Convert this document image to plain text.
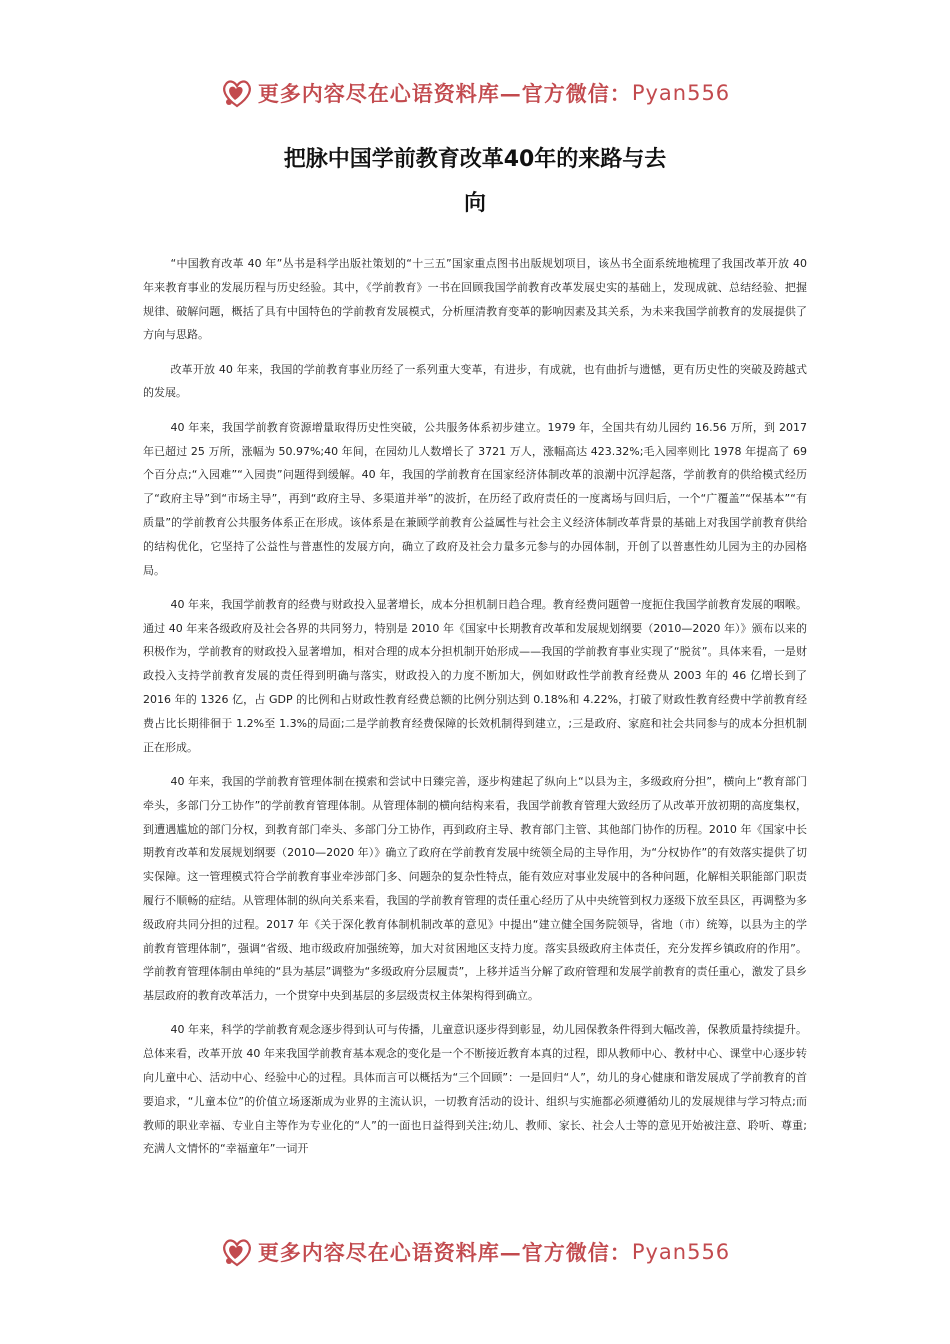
更多内容尽在心语资料库—官方微信： Pyan556
把脉中国学前教育改革40年的来路与去
向

“中国教育改革 40 年”丛书是科学出版社策划的“十三五”国家重点图书出版规划项目，该丛书全面系统地梳理了我国改革开放 40 年来教育事业的发展历程与历史经验。其中，《学前教育》一书在回顾我国学前教育改革发展史实的基础上，发现成就、总结经验、把握规律、破解问题，概括了具有中国特色的学前教育发展模式，分析厘清教育变革的影响因素及其关系，为未来我国学前教育的发展提供了方向与思路。

改革开放 40 年来，我国的学前教育事业历经了一系列重大变革，有进步，有成就，也有曲折与遗憾，更有历史性的突破及跨越式的发展。

40 年来，我国学前教育资源增量取得历史性突破，公共服务体系初步建立。1979 年，全国共有幼儿园约 16.56 万所，到 2017 年已超过 25 万所，涨幅为 50.97%;40 年间，在园幼儿人数增长了 3721 万人，涨幅高达 423.32%;毛入园率则比 1978 年提高了 69 个百分点;“入园难”“入园贵”问题得到缓解。40 年，我国的学前教育在国家经济体制改革的浪潮中沉浮起落，学前教育的供给模式经历了“政府主导”到“市场主导”，再到“政府主导、多渠道并举”的波折，在历经了政府责任的一度离场与回归后，一个“广覆盖”“保基本”“有质量”的学前教育公共服务体系正在形成。该体系是在兼顾学前教育公益属性与社会主义经济体制改革背景的基础上对我国学前教育供给的结构优化，它坚持了公益性与普惠性的发展方向，确立了政府及社会力量多元参与的办园体制，开创了以普惠性幼儿园为主的办园格局。

40 年来，我国学前教育的经费与财政投入显著增长，成本分担机制日趋合理。教育经费问题曾一度扼住我国学前教育发展的咽喉。通过 40 年来各级政府及社会各界的共同努力，特别是 2010 年《国家中长期教育改革和发展规划纲要（2010—2020 年）》颁布以来的积极作为，学前教育的财政投入显著增加，相对合理的成本分担机制开始形成——我国的学前教育事业实现了“脱贫”。具体来看，一是财政投入支持学前教育发展的责任得到明确与落实，财政投入的力度不断加大，例如财政性学前教育经费从 2003 年的 46 亿增长到了 2016 年的 1326 亿，占 GDP 的比例和占财政性教育经费总额的比例分别达到 0.18%和 4.22%，打破了财政性教育经费中学前教育经费占比长期徘徊于 1.2%至 1.3%的局面;二是学前教育经费保障的长效机制得到建立，;三是政府、家庭和社会共同参与的成本分担机制正在形成。

40 年来，我国的学前教育管理体制在摸索和尝试中日臻完善，逐步构建起了纵向上“以县为主，多级政府分担”，横向上“教育部门牵头，多部门分工协作”的学前教育管理体制。从管理体制的横向结构来看，我国学前教育管理大致经历了从改革开放初期的高度集权，到遭遇尴尬的部门分权，到教育部门牵头、多部门分工协作，再到政府主导、教育部门主管、其他部门协作的历程。2010 年《国家中长期教育改革和发展规划纲要（2010—2020 年）》确立了政府在学前教育发展中统领全局的主导作用，为“分权协作”的有效落实提供了切实保障。这一管理模式符合学前教育事业牵涉部门多、问题杂的复杂性特点，能有效应对事业发展中的各种问题，化解相关职能部门职责履行不顺畅的症结。从管理体制的纵向关系来看，我国的学前教育管理的责任重心经历了从中央统管到权力逐级下放至县区，再调整为多级政府共同分担的过程。2017 年《关于深化教育体制机制改革的意见》中提出“建立健全国务院领导，省地（市）统筹，以县为主的学前教育管理体制”，强调“省级、地市级政府加强统筹，加大对贫困地区支持力度。落实县级政府主体责任，充分发挥乡镇政府的作用”。学前教育管理体制由单纯的“县为基层”调整为“多级政府分层履责”，上移并适当分解了政府管理和发展学前教育的责任重心，激发了县乡基层政府的教育改革活力，一个贯穿中央到基层的多层级责权主体架构得到确立。

40 年来，科学的学前教育观念逐步得到认可与传播，儿童意识逐步得到彰显，幼儿园保教条件得到大幅改善，保教质量持续提升。总体来看，改革开放 40 年来我国学前教育基本观念的变化是一个不断接近教育本真的过程，即从教师中心、教材中心、课堂中心逐步转向儿童中心、活动中心、经验中心的过程。具体而言可以概括为“三个回顾”：一是回归“人”，幼儿的身心健康和谐发展成了学前教育的首要追求，“儿童本位”的价值立场逐渐成为业界的主流认识，一切教育活动的设计、组织与实施都必须遵循幼儿的发展规律与学习特点;而教师的职业幸福、专业自主等作为专业化的“人”的一面也日益得到关注;幼儿、教师、家长、社会人士等的意见开始被注意、聆听、尊重;充满人文情怀的“幸福童年”一词开

更多内容尽在心语资料库—官方微信： Pyan556
